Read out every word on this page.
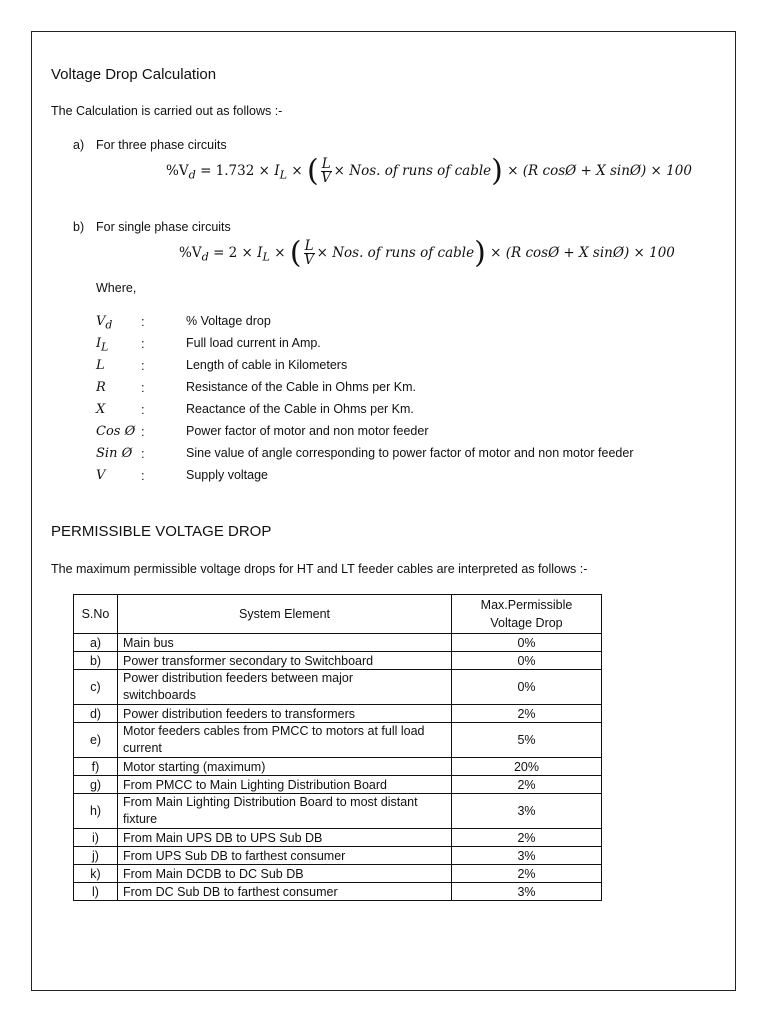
Voltage Drop Calculation
The Calculation is carried out as follows :-
a) For three phase circuits
$\%V_d = 1.732 \times I_L$ × ( $\frac{L}{V}$ × Nos. of runs of cable) × (R cosØ + X sinØ) × 100
b) For single phase circuits
$\%V_d = 2 \times I_L$ × ( $\frac{L}{V}$ × Nos. of runs of cable) × (R cosØ + X sinØ) × 100
Where,
$V_d$ :	% Voltage drop
$I_L$	:	Full load current in Amp.
L	:	Length of cable in Kilometers
R	:	Resistance of the Cable in Ohms per Km.
X	:	Reactance of the Cable in Ohms per Km.
Cos Ø :	Power factor of motor and non motor feeder
Sin Ø :	Sine value of angle corresponding to power factor of motor and non motor feeder
V	:	Supply voltage
PERMISSIBLE VOLTAGE DROP
The maximum permissible voltage drops for HT and LT feeder cables are interpreted as follows :-
S.No	System Element	Max.Permissible Voltage Drop
a)	Main bus	0%
b)	Power transformer secondary to Switchboard	0%
c)	Power distribution feeders between major switchboards	0%
d)	Power distribution feeders to transformers	2%
e)	Motor feeders cables from PMCC to motors at full load current	5%
f)	Motor starting (maximum)	20%
g)	From PMCC to Main Lighting Distribution Board	2%
h)	From Main Lighting Distribution Board to most distant fixture	3%
i)	From Main UPS DB to UPS Sub DB	2%
j)	From UPS Sub DB to farthest consumer	3%
k)	From Main DCDB to DC Sub DB	2%
l)	From DC Sub DB to farthest consumer	3%
